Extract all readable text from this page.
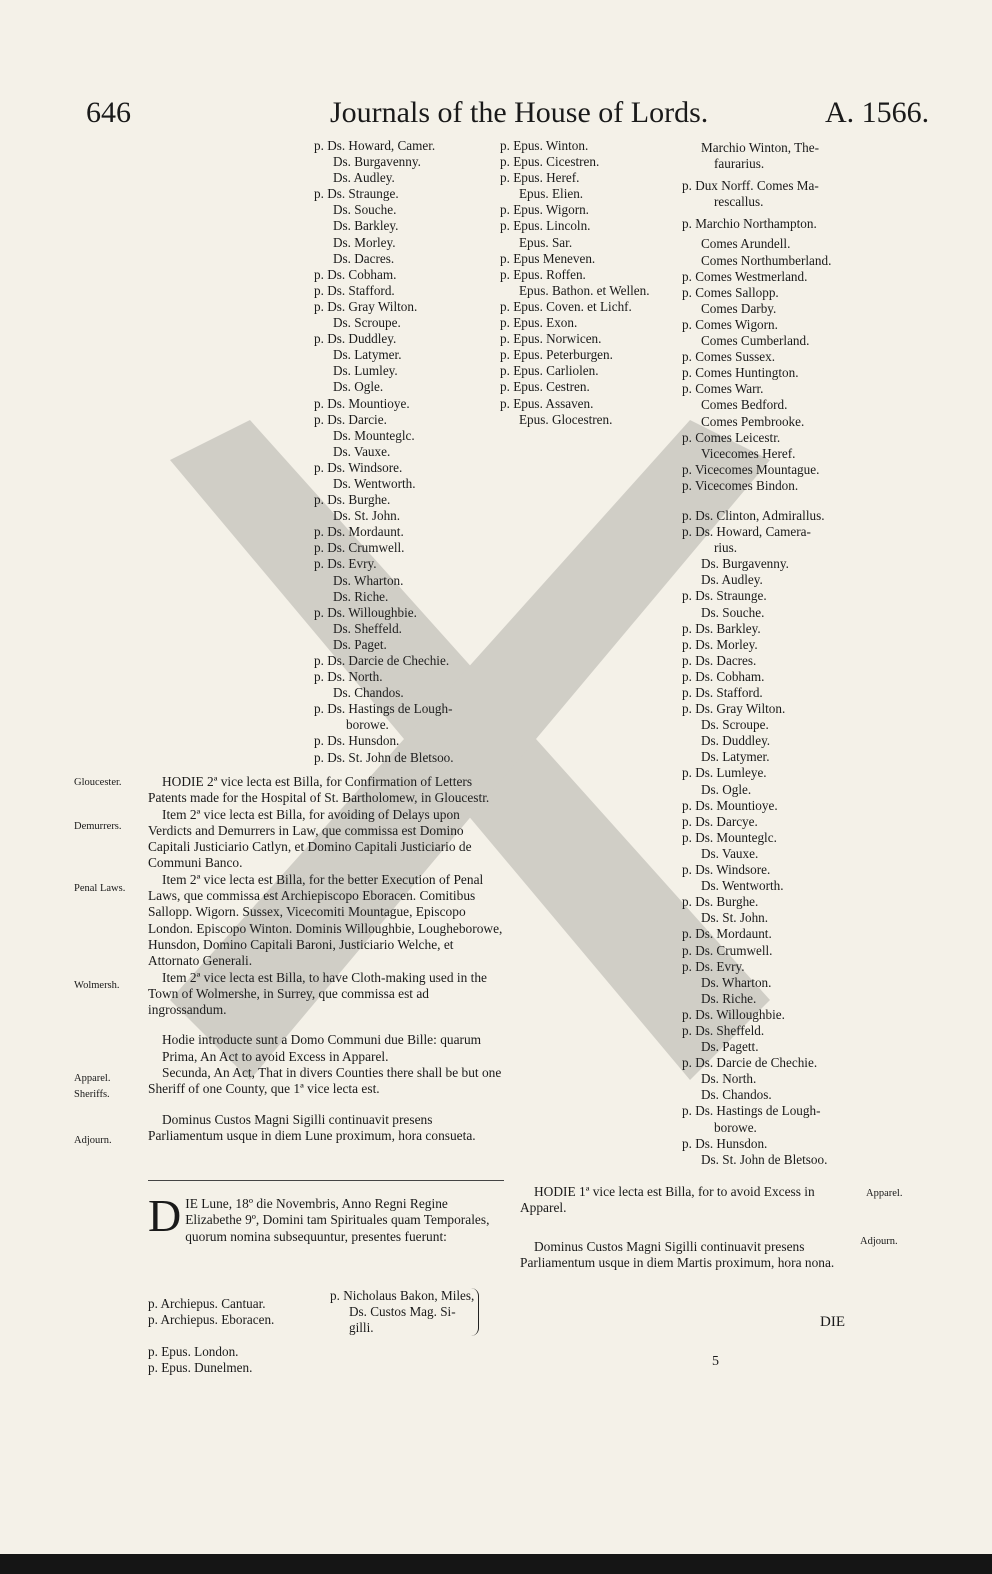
646	Journals of the House of Lords.	A. 1566.
p. Ds. Howard, Camer.
Ds. Burgavenny.
Ds. Audley.
p. Ds. Straunge.
Ds. Souche.
Ds. Barkley.
Ds. Morley.
Ds. Dacres.
p. Ds. Cobham.
p. Ds. Stafford.
p. Ds. Gray Wilton.
Ds. Scroupe.
p. Ds. Duddley.
Ds. Latymer.
Ds. Lumley.
Ds. Ogle.
p. Ds. Mountioye.
p. Ds. Darcie.
Ds. Mounteglc.
Ds. Vauxe.
p. Ds. Windsore.
Ds. Wentworth.
p. Ds. Burghe.
Ds. St. John.
p. Ds. Mordaunt.
p. Ds. Crumwell.
p. Ds. Evry.
Ds. Wharton.
Ds. Riche.
p. Ds. Willoughbie.
Ds. Sheffeld.
Ds. Paget.
p. Ds. Darcie de Chechie.
p. Ds. North.
Ds. Chandos.
p. Ds. Hastings de Lough-
borowe.
p. Ds. Hunsdon.
p. Ds. St. John de Bletsoo.
p. Epus. Winton.
p. Epus. Cicestren.
p. Epus. Heref.
Epus. Elien.
p. Epus. Wigorn.
p. Epus. Lincoln.
Epus. Sar.
p. Epus Meneven.
p. Epus. Roffen.
Epus. Bathon. et Wellen.
p. Epus. Coven. et Lichf.
p. Epus. Exon.
p. Epus. Norwicen.
p. Epus. Peterburgen.
p. Epus. Carliolen.
p. Epus. Cestren.
p. Epus. Assaven.
Epus. Glocestren.
Marchio Winton, The-
faurarius.
p. Dux Norff. Comes Ma-
rescallus.
p. Marchio Northampton.
Comes Arundell.
Comes Northumberland.
p. Comes Westmerland.
p. Comes Sallopp.
Comes Darby.
p. Comes Wigorn.
Comes Cumberland.
p. Comes Sussex.
p. Comes Huntington.
p. Comes Warr.
Comes Bedford.
Comes Pembrooke.
p. Comes Leicestr.
Vicecomes Heref.
p. Vicecomes Mountague.
p. Vicecomes Bindon.
p. Ds. Clinton, Admirallus.
p. Ds. Howard, Camera-
rius.
Ds. Burgavenny.
Ds. Audley.
p. Ds. Straunge.
Ds. Souche.
p. Ds. Barkley.
p. Ds. Morley.
p. Ds. Dacres.
p. Ds. Cobham.
p. Ds. Stafford.
p. Ds. Gray Wilton.
Ds. Scroupe.
Ds. Duddley.
Ds. Latymer.
p. Ds. Lumleye.
Ds. Ogle.
p. Ds. Mountioye.
p. Ds. Darcye.
p. Ds. Mounteglc.
Ds. Vauxe.
p. Ds. Windsore.
Ds. Wentworth.
p. Ds. Burghe.
Ds. St. John.
p. Ds. Mordaunt.
p. Ds. Crumwell.
p. Ds. Evry.
Ds. Wharton.
Ds. Riche.
p. Ds. Willoughbie.
p. Ds. Sheffeld.
Ds. Pagett.
p. Ds. Darcie de Chechie.
Ds. North.
Ds. Chandos.
p. Ds. Hastings de Lough-
borowe.
p. Ds. Hunsdon.
Ds. St. John de Bletsoo.
Gloucester.
Demurrers.
Penal Laws.
Wolmersh.
Apparel.
Sheriffs.
Adjourn.

HODIE 2ª vice lecta est Billa, for Confirmation of Letters Patents made for the Hospital of St. Bartholomew, in Gloucestr.

Item 2ª vice lecta est Billa, for avoiding of Delays upon Verdicts and Demurrers in Law, que commissa est Domino Capitali Justiciario Catlyn, et Domino Capitali Justiciario de Communi Banco.

Item 2ª vice lecta est Billa, for the better Execution of Penal Laws, que commissa est Archiepiscopo Eboracen. Comitibus Sallopp. Wigorn. Sussex, Vicecomiti Mountague, Episcopo London. Episcopo Winton. Dominis Willoughbie, Lougheborowe, Hunsdon, Domino Capitali Baroni, Justiciario Welche, et Attornato Generali.

Item 2ª vice lecta est Billa, to have Cloth-making used in the Town of Wolmershe, in Surrey, que commissa est ad ingrossandum.

Hodie introducte sunt a Domo Communi due Bille: quarum

Prima, An Act to avoid Excess in Apparel.

Secunda, An Act, That in divers Counties there shall be but one Sheriff of one County, que 1ª vice lecta est.

Dominus Custos Magni Sigilli continuavit presens Parliamentum usque in diem Lune proximum, hora consueta.

D IE Lune, 18º die Novembris, Anno Regni Regine Elizabethe 9º, Domini tam Spirituales quam Temporales, quorum nomina subsequuntur, presentes fuerunt:
p. Archiepus. Cantuar.
p. Archiepus. Eboracen.
p. Epus. London.
p. Epus. Dunelmen.
p. Nicholaus Bakon, Miles,
Ds. Custos Mag. Si-
gilli.

HODIE 1ª vice lecta est Billa, for to avoid Excess in Apparel.

Dominus Custos Magni Sigilli continuavit presens Parliamentum usque in diem Martis proximum, hora nona.

Apparel.
Adjourn.
DIE
5
